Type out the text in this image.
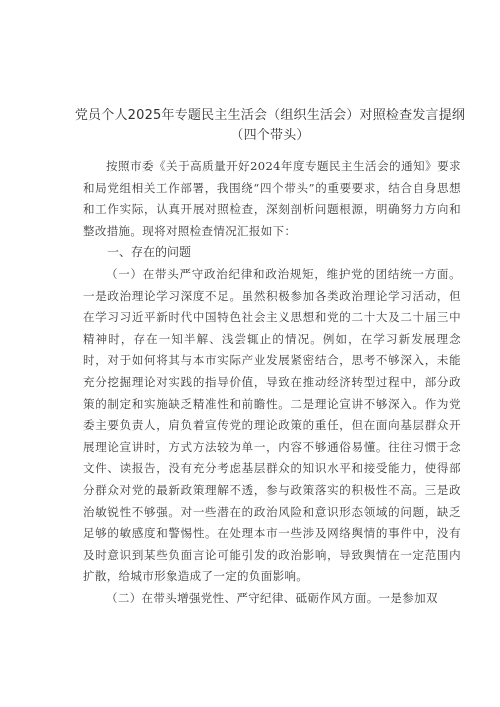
党员个人2025年专题民主生活会（组织生活会）对照检查发言提纲
（四个带头）

按照市委《关于高质量开好2024年度专题民主生活会的通知》要求和局党组相关工作部署，我围绕“四个带头”的重要要求，结合自身思想和工作实际，认真开展对照检查，深刻剖析问题根源，明确努力方向和整改措施。现将对照检查情况汇报如下：

一、存在的问题

（一）在带头严守政治纪律和政治规矩，维护党的团结统一方面。一是政治理论学习深度不足。虽然积极参加各类政治理论学习活动，但在学习习近平新时代中国特色社会主义思想和党的二十大及二十届三中精神时，存在一知半解、浅尝辄止的情况。例如，在学习新发展理念时，对于如何将其与本市实际产业发展紧密结合，思考不够深入，未能充分挖掘理论对实践的指导价值，导致在推动经济转型过程中，部分政策的制定和实施缺乏精准性和前瞻性。二是理论宣讲不够深入。作为党委主要负责人，肩负着宣传党的理论政策的重任，但在面向基层群众开展理论宣讲时，方式方法较为单一，内容不够通俗易懂。往往习惯于念文件、读报告，没有充分考虑基层群众的知识水平和接受能力，使得部分群众对党的最新政策理解不透，参与政策落实的积极性不高。三是政治敏锐性不够强。对一些潜在的政治风险和意识形态领域的问题，缺乏足够的敏感度和警惕性。在处理本市一些涉及网络舆情的事件中，没有及时意识到某些负面言论可能引发的政治影响，导致舆情在一定范围内扩散，给城市形象造成了一定的负面影响。

（二）在带头增强党性、严守纪律、砥砺作风方面。一是参加双
